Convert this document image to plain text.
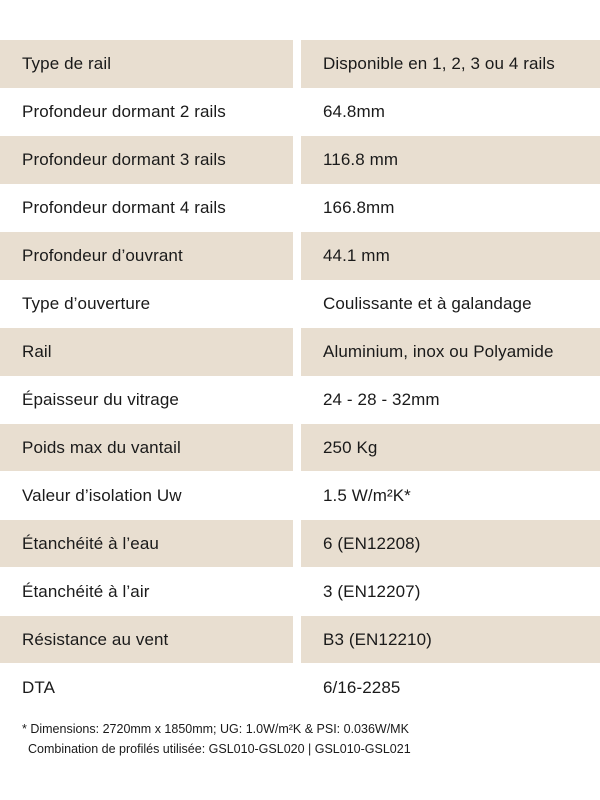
Type de rail	Disponible en 1, 2, 3 ou 4 rails
Profondeur dormant 2 rails	64.8mm
Profondeur dormant 3 rails	116.8 mm
Profondeur dormant 4 rails	166.8mm
Profondeur d’ouvrant	44.1 mm
Type d’ouverture	Coulissante et à galandage
Rail	Aluminium, inox ou Polyamide
Épaisseur du vitrage	24 - 28 - 32mm
Poids max du vantail	250 Kg
Valeur d’isolation Uw	1.5 W/m²K*
Étanchéité à l’eau	6 (EN12208)
Étanchéité à l’air	3 (EN12207)
Résistance au vent	B3 (EN12210)
DTA	6/16-2285
* Dimensions: 2720mm x 1850mm; UG: 1.0W/m²K & PSI: 0.036W/MK
Combination de profilés utilisée: GSL010-GSL020 | GSL010-GSL021
